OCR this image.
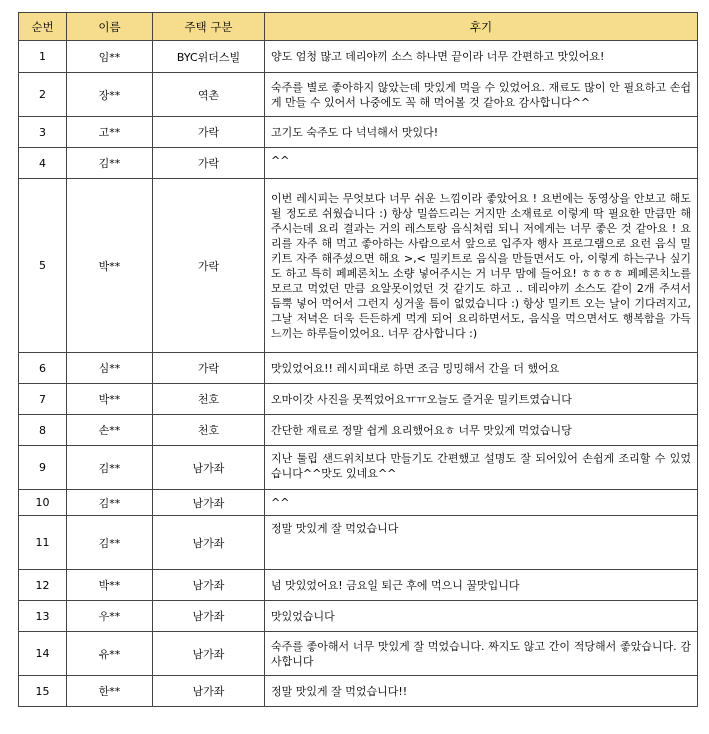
순번	이름	주택 구분	후기
1	임**	BYC위더스빌	양도 엄청 많고 데리야끼 소스 하나면 끝이라 너무 간편하고 맛있어요!
2	장**	역촌	숙주를 별로 좋아하지 않았는데 맛있게 먹을 수 있었어요. 재료도 많이 안 필요하고 손쉽게 만들 수 있어서 나중에도 꼭 해 먹어볼 것 같아요 감사합니다^^
3	고**	가락	고기도 숙주도 다 넉넉해서 맛있다!
4	김**	가락	^^
5	박**	가락	이번 레시피는 무엇보다 너무 쉬운 느낌이라 좋았어요 ! 요번에는 동영상을 안보고 해도 될 정도로 쉬웠습니다 :) 항상 밀씀드리는 거지만 소재료로 이렇게 딱 필요한 만큼만 해주시는데 요리 결과는 거의 레스토랑 음식처럼 되니 저에게는 너무 좋은 것 같아요 ! 요리를 자주 해 먹고 좋아하는 사람으로서 앞으로 입주자 행사 프로그램으로 요런 음식 밀키트 자주 해주셨으면 해요 >,< 밀키트로 음식을 만들면서도 아, 이렇게 하는구나 싶기도 하고 특히 페페론치노 소량 넣어주시는 거 너무 맘에 들어요! ㅎㅎㅎㅎ 페페론치노를 모르고 먹었던 만큼 요알못이었던 것 같기도 하고 .. 데리야끼 소스도 같이 2개 주셔서 듬뿍 넣어 먹어서 그런지 싱거울 틈이 없었습니다 :) 항상 밀키트 오는 날이 기다려지고, 그날 저녁은 더욱 든든하게 먹게 되어 요리하면서도, 음식을 먹으면서도 행복함을 가득 느끼는 하루들이었어요. 너무 감사합니다 :)
6	심**	가락	맛있었어요!! 레시피대로 하면 조금 밍밍해서 간을 더 했어요
7	박**	천호	오마이갓 사진을 못찍었어요ㅠㅠ오늘도 즐거운 밀키트였습니다
8	손**	천호	간단한 재료로 정말 쉽게 요리했어요ㅎ 너무 맛있게 먹었습니당
9	김**	남가좌	지난 툴립 샌드위치보다 만들기도 간편했고 설명도 잘 되어있어 손쉽게 조리할 수 있었습니다^^맛도 있네요^^
10	김**	남가좌	^^
11	김**	남가좌	정말 맛있게 잘 먹었습니다
12	박**	남가좌	넘 맛있었어요! 금요일 퇴근 후에 먹으니 꿀맛입니다
13	우**	남가좌	맛있었습니다
14	유**	남가좌	숙주를 좋아해서 너무 맛있게 잘 먹었습니다. 짜지도 않고 간이 적당해서 좋았습니다. 감사합니다
15	한**	남가좌	정말 맛있게 잘 먹었습니다!!
